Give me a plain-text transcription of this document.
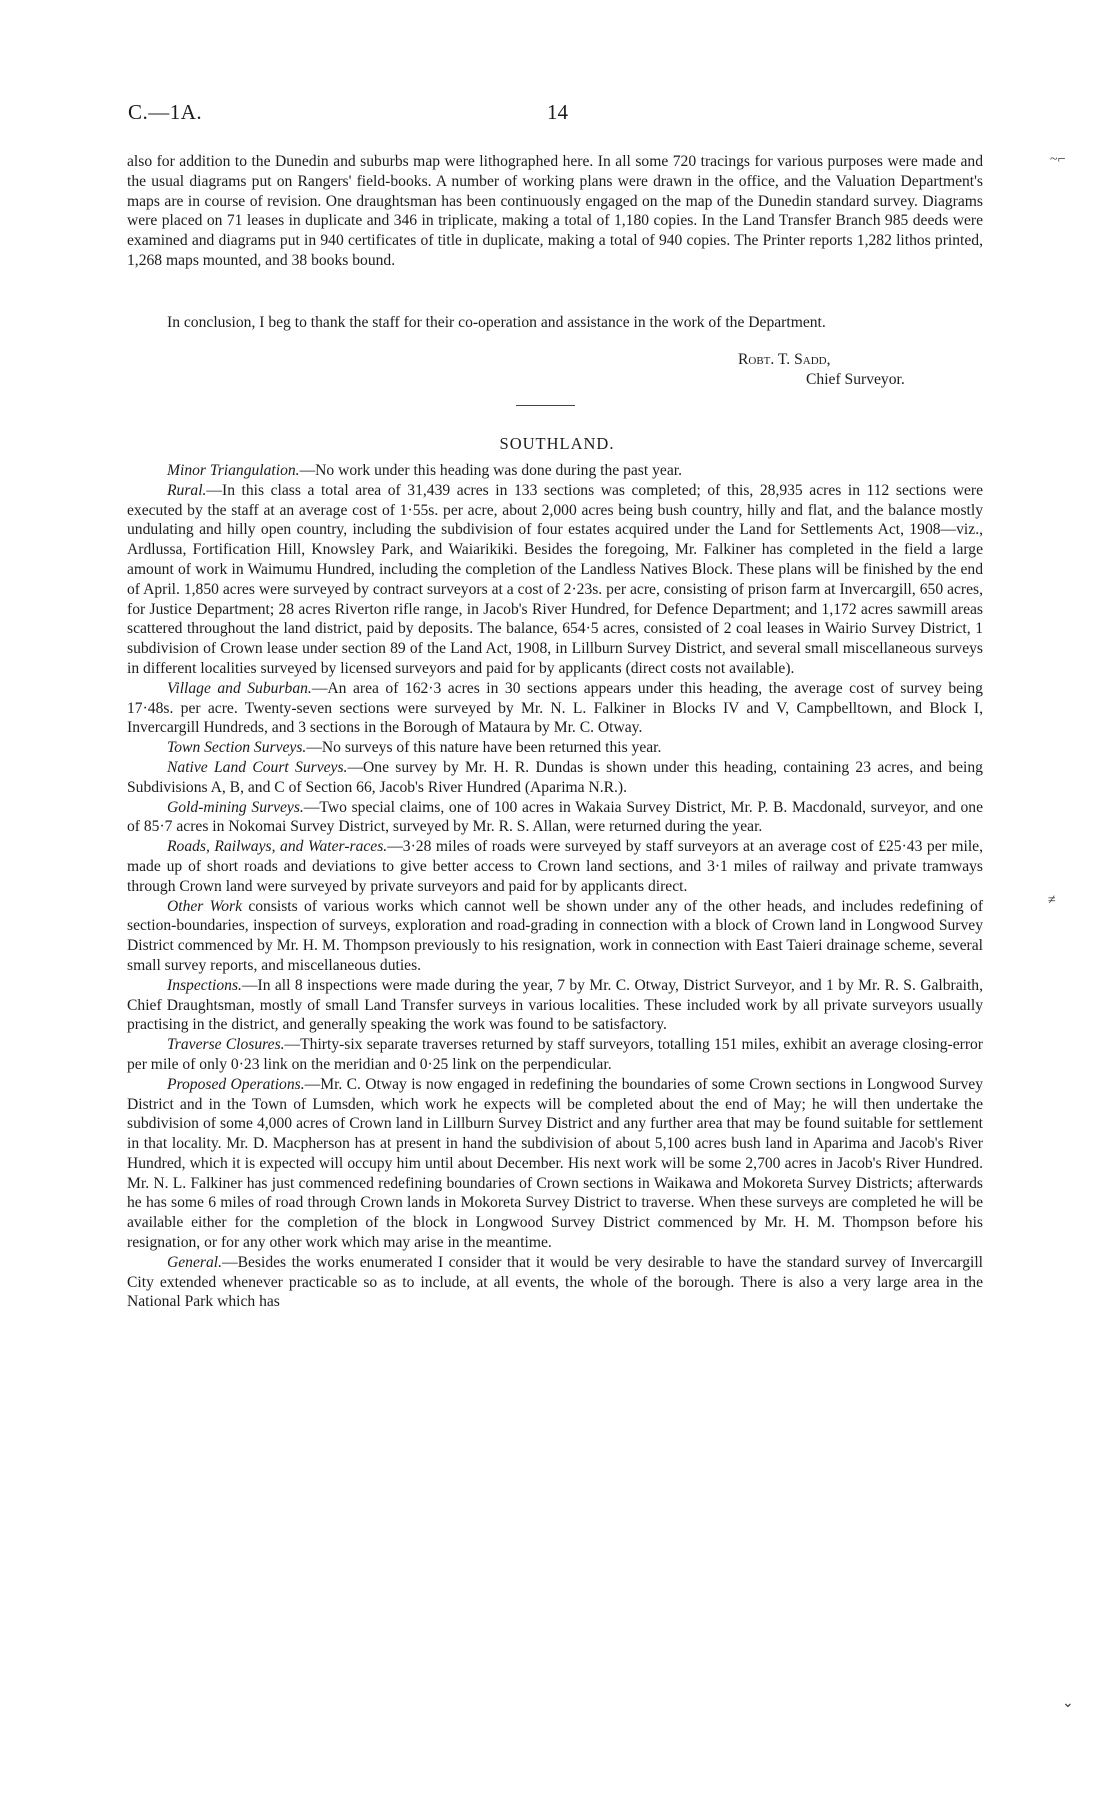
C.—1A.	14
~⌐
≠
⌄

also for addition to the Dunedin and suburbs map were lithographed here. In all some 720 tracings for various purposes were made and the usual diagrams put on Rangers' field-books. A number of working plans were drawn in the office, and the Valuation Department's maps are in course of revision. One draughtsman has been continuously engaged on the map of the Dunedin standard survey. Diagrams were placed on 71 leases in duplicate and 346 in triplicate, making a total of 1,180 copies. In the Land Transfer Branch 985 deeds were examined and diagrams put in 940 certificates of title in duplicate, making a total of 940 copies. The Printer reports 1,282 lithos printed, 1,268 maps mounted, and 38 books bound.

In conclusion, I beg to thank the staff for their co-operation and assistance in the work of the Department.

Robt. T. Sadd,
Chief Surveyor.
SOUTHLAND.

Minor Triangulation.—No work under this heading was done during the past year.

Rural.—In this class a total area of 31,439 acres in 133 sections was completed; of this, 28,935 acres in 112 sections were executed by the staff at an average cost of 1·55s. per acre, about 2,000 acres being bush country, hilly and flat, and the balance mostly undulating and hilly open country, including the subdivision of four estates acquired under the Land for Settlements Act, 1908—viz., Ardlussa, Fortification Hill, Knowsley Park, and Waiarikiki. Besides the foregoing, Mr. Falkiner has completed in the field a large amount of work in Waimumu Hundred, including the completion of the Landless Natives Block. These plans will be finished by the end of April. 1,850 acres were surveyed by contract surveyors at a cost of 2·23s. per acre, consisting of prison farm at Invercargill, 650 acres, for Justice Department; 28 acres Riverton rifle range, in Jacob's River Hundred, for Defence Department; and 1,172 acres sawmill areas scattered throughout the land district, paid by deposits. The balance, 654·5 acres, consisted of 2 coal leases in Wairio Survey District, 1 subdivision of Crown lease under section 89 of the Land Act, 1908, in Lillburn Survey District, and several small miscellaneous surveys in different localities surveyed by licensed surveyors and paid for by applicants (direct costs not available).

Village and Suburban.—An area of 162·3 acres in 30 sections appears under this heading, the average cost of survey being 17·48s. per acre. Twenty-seven sections were surveyed by Mr. N. L. Falkiner in Blocks IV and V, Campbelltown, and Block I, Invercargill Hundreds, and 3 sections in the Borough of Mataura by Mr. C. Otway.

Town Section Surveys.—No surveys of this nature have been returned this year.

Native Land Court Surveys.—One survey by Mr. H. R. Dundas is shown under this heading, containing 23 acres, and being Subdivisions A, B, and C of Section 66, Jacob's River Hundred (Aparima N.R.).

Gold-mining Surveys.—Two special claims, one of 100 acres in Wakaia Survey District, Mr. P. B. Macdonald, surveyor, and one of 85·7 acres in Nokomai Survey District, surveyed by Mr. R. S. Allan, were returned during the year.

Roads, Railways, and Water-races.—3·28 miles of roads were surveyed by staff surveyors at an average cost of £25·43 per mile, made up of short roads and deviations to give better access to Crown land sections, and 3·1 miles of railway and private tramways through Crown land were surveyed by private surveyors and paid for by applicants direct.

Other Work consists of various works which cannot well be shown under any of the other heads, and includes redefining of section-boundaries, inspection of surveys, exploration and road-grading in connection with a block of Crown land in Longwood Survey District commenced by Mr. H. M. Thompson previously to his resignation, work in connection with East Taieri drainage scheme, several small survey reports, and miscellaneous duties.

Inspections.—In all 8 inspections were made during the year, 7 by Mr. C. Otway, District Surveyor, and 1 by Mr. R. S. Galbraith, Chief Draughtsman, mostly of small Land Transfer surveys in various localities. These included work by all private surveyors usually practising in the district, and generally speaking the work was found to be satisfactory.

Traverse Closures.—Thirty-six separate traverses returned by staff surveyors, totalling 151 miles, exhibit an average closing-error per mile of only 0·23 link on the meridian and 0·25 link on the perpendicular.

Proposed Operations.—Mr. C. Otway is now engaged in redefining the boundaries of some Crown sections in Longwood Survey District and in the Town of Lumsden, which work he expects will be completed about the end of May; he will then undertake the subdivision of some 4,000 acres of Crown land in Lillburn Survey District and any further area that may be found suitable for settlement in that locality. Mr. D. Macpherson has at present in hand the subdivision of about 5,100 acres bush land in Aparima and Jacob's River Hundred, which it is expected will occupy him until about December. His next work will be some 2,700 acres in Jacob's River Hundred. Mr. N. L. Falkiner has just commenced redefining boundaries of Crown sections in Waikawa and Mokoreta Survey Districts; afterwards he has some 6 miles of road through Crown lands in Mokoreta Survey District to traverse. When these surveys are completed he will be available either for the completion of the block in Longwood Survey District commenced by Mr. H. M. Thompson before his resignation, or for any other work which may arise in the meantime.

General.—Besides the works enumerated I consider that it would be very desirable to have the standard survey of Invercargill City extended whenever practicable so as to include, at all events, the whole of the borough. There is also a very large area in the National Park which has
